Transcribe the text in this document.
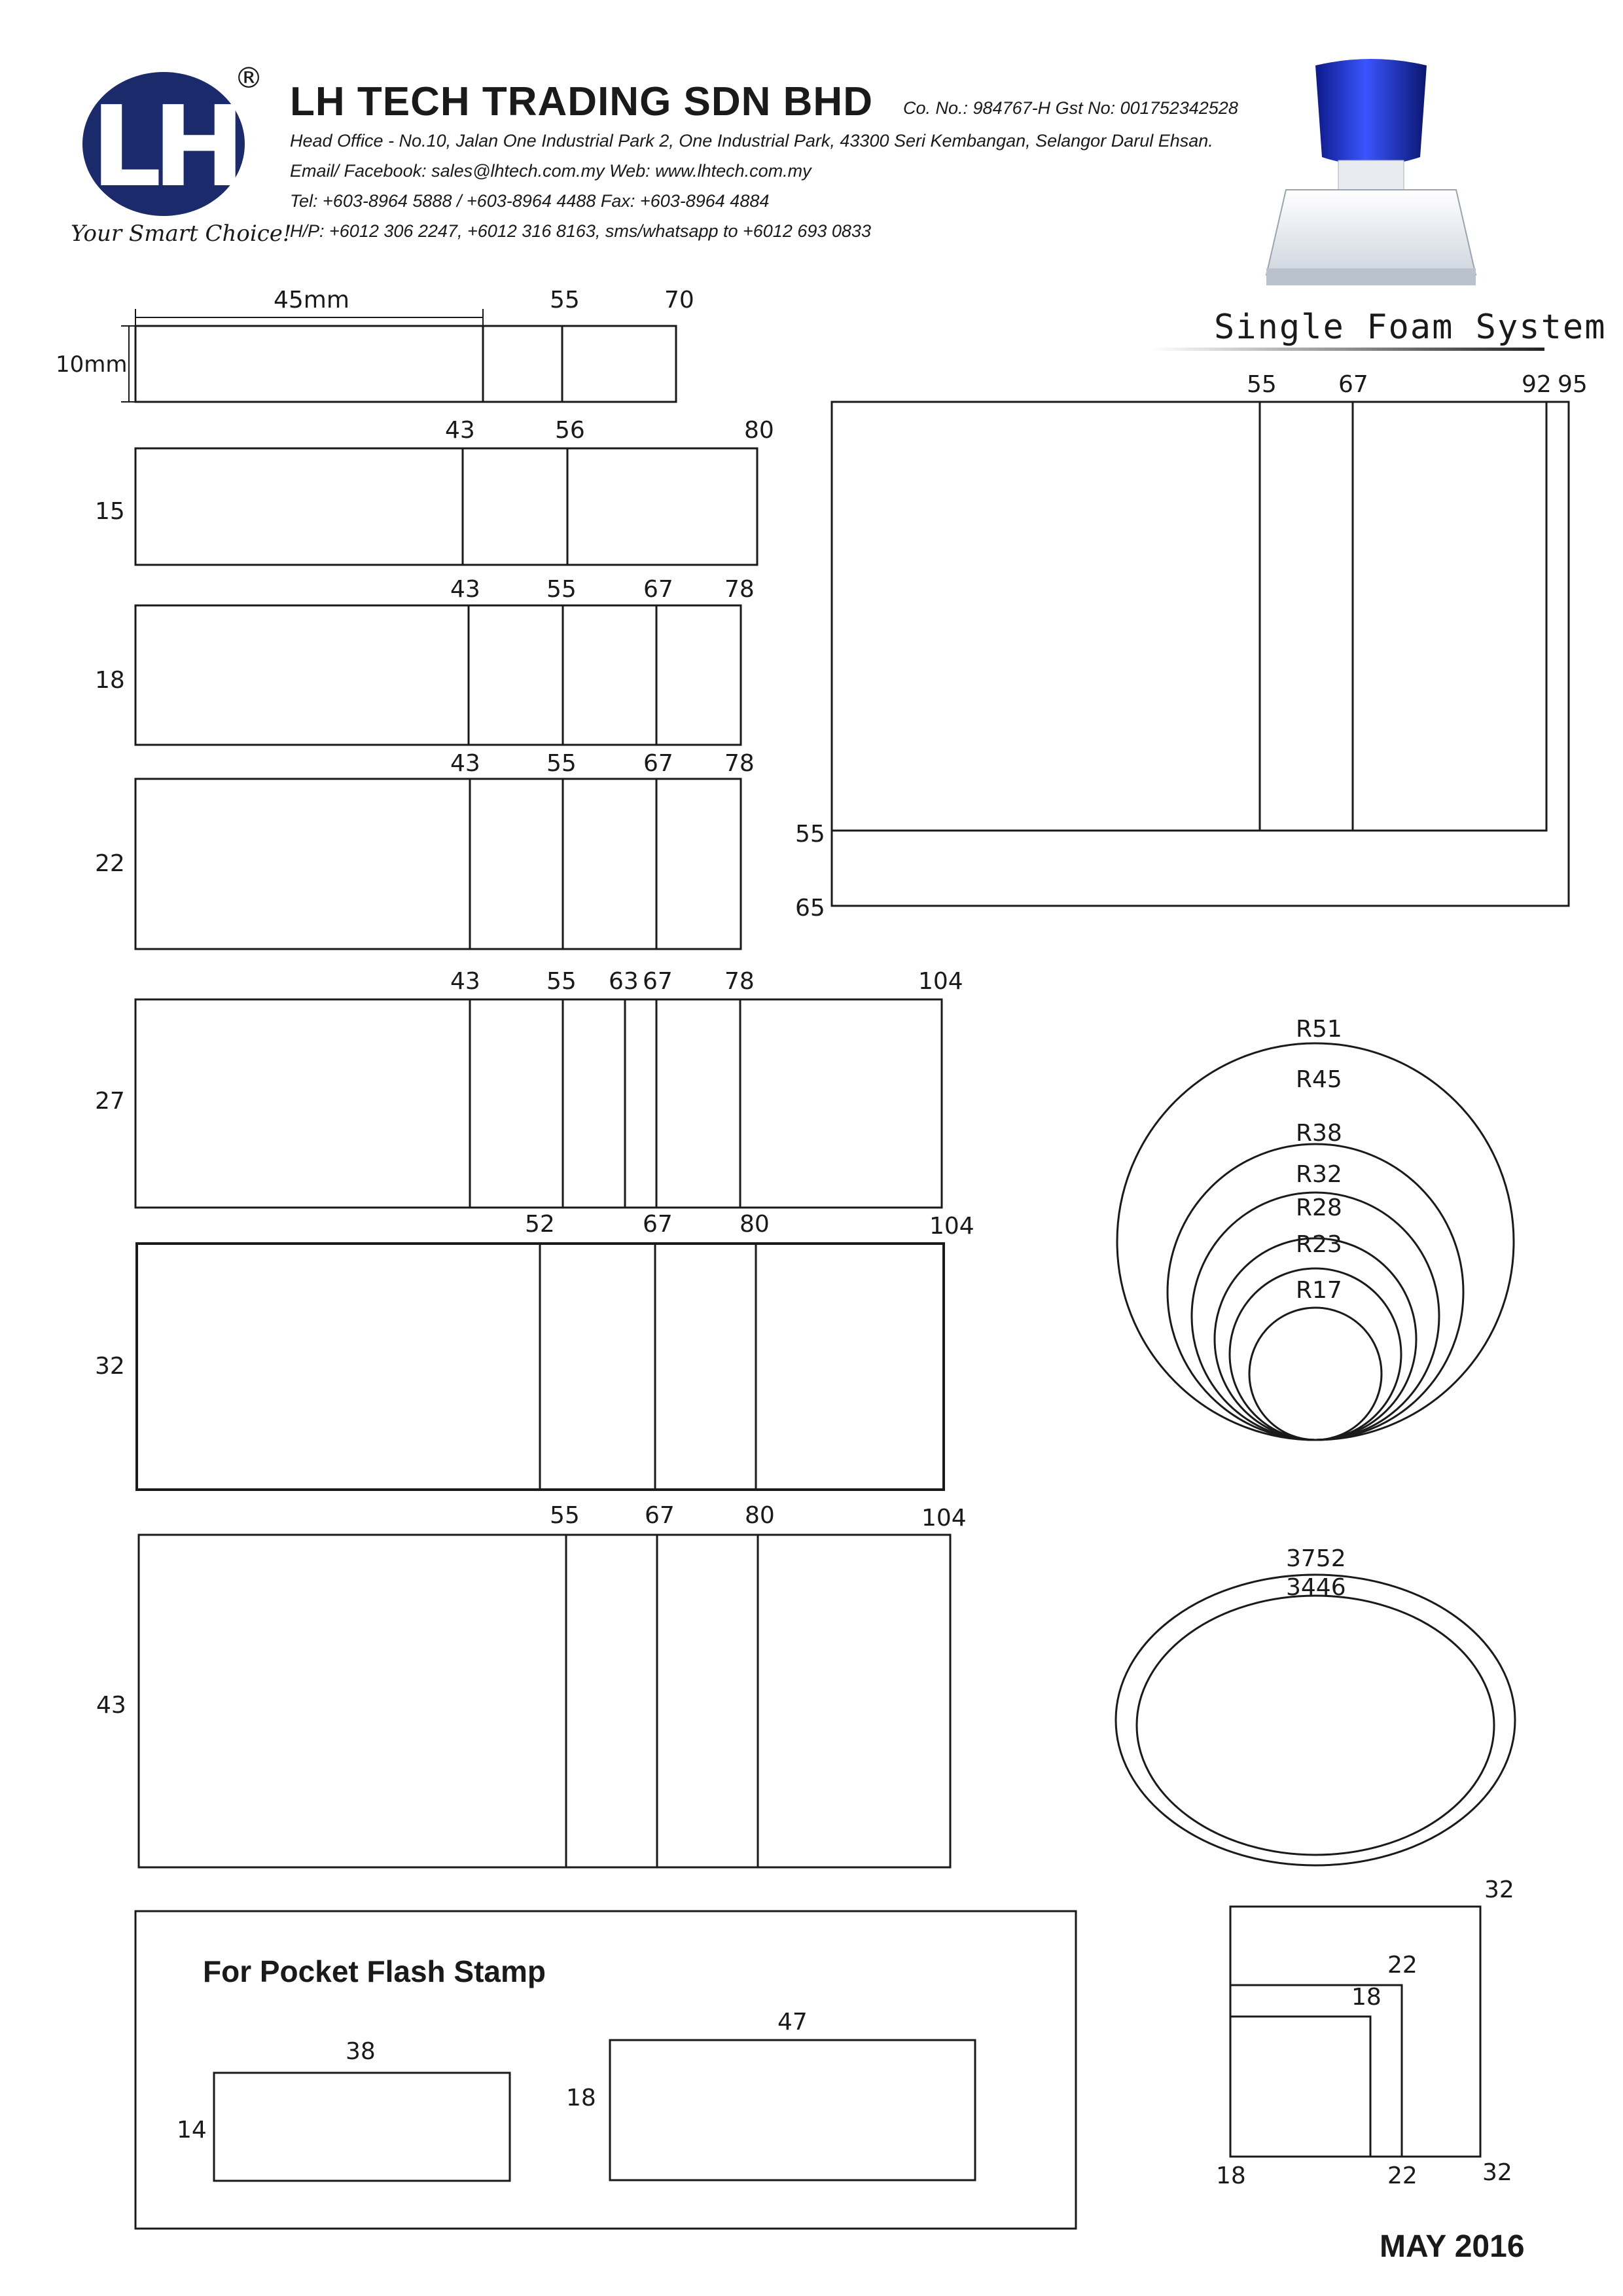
LH
®
Your Smart Choice!
LH TECH TRADING SDN BHD Co. No.: 984767-H Gst No: 001752342528
Head Office - No.10, Jalan One Industrial Park 2, One Industrial Park, 43300 Seri Kembangan, Selangor Darul Ehsan.
Email/ Facebook: sales@lhtech.com.my Web: www.lhtech.com.my
Tel: +603-8964 5888 / +603-8964 4488 Fax: +603-8964 4884
H/P: +6012 306 2247, +6012 316 8163, sms/whatsapp to +6012 693 0833
Single Foam System
45mm	55	70
10mm
43	56	80
15
43	55	67 78
18
43	55	67 78
22
43	55 63 67 78	104
27
52	67	80	104
32
55	67	80	104
43
55	67	92 95
55
65
R51
R45
R38
R32
R28
R23
R17
3752
3446
32
22
18
18	22	32
For Pocket Flash Stamp
38
14
47
18
MAY 2016
